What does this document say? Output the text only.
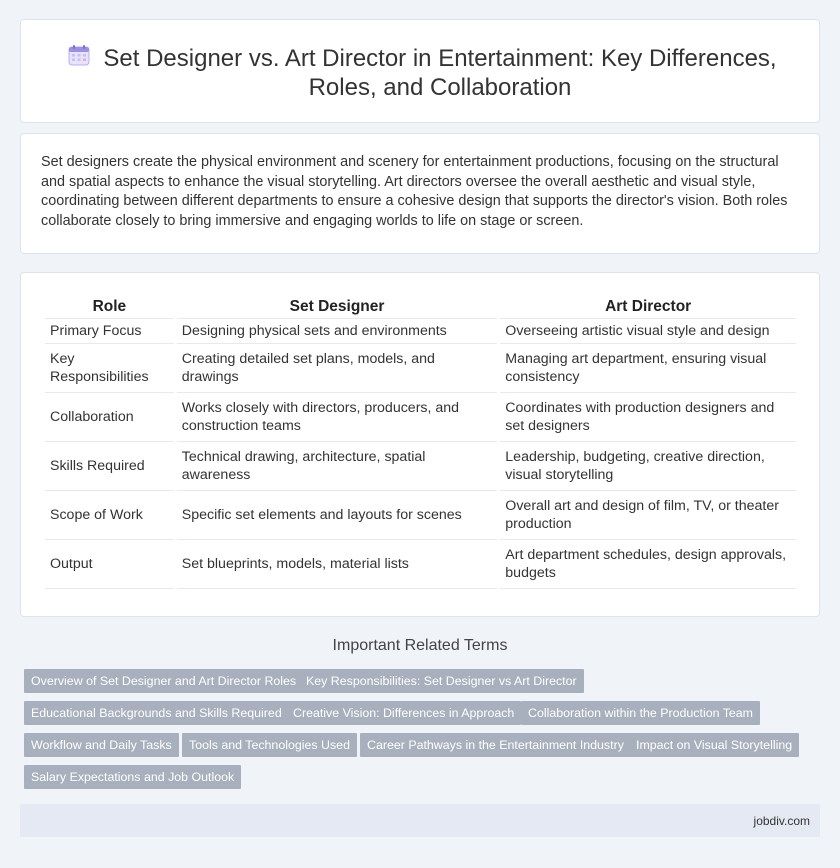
Set Designer vs. Art Director in Entertainment: Key Differences, Roles, and Collaboration

Set designers create the physical environment and scenery for entertainment productions, focusing on the structural and spatial aspects to enhance the visual storytelling. Art directors oversee the overall aesthetic and visual style, coordinating between different departments to ensure a cohesive design that supports the director's vision. Both roles collaborate closely to bring immersive and engaging worlds to life on stage or screen.

Role	Set Designer	Art Director
Primary Focus	Designing physical sets and environments	Overseeing artistic visual style and design
Key Responsibilities	Creating detailed set plans, models, and drawings	Managing art department, ensuring visual consistency
Collaboration	Works closely with directors, producers, and construction teams	Coordinates with production designers and set designers
Skills Required	Technical drawing, architecture, spatial awareness	Leadership, budgeting, creative direction, visual storytelling
Scope of Work	Specific set elements and layouts for scenes	Overall art and design of film, TV, or theater production
Output	Set blueprints, models, material lists	Art department schedules, design approvals, budgets
Important Related Terms
Overview of Set Designer and Art Director Roles Key Responsibilities: Set Designer vs Art Director
Educational Backgrounds and Skills Required Creative Vision: Differences in Approach	Collaboration within the Production Team
Workflow and Daily Tasks	Tools and Technologies Used	Career Pathways in the Entertainment Industry Impact on Visual Storytelling
Salary Expectations and Job Outlook
jobdiv.com
